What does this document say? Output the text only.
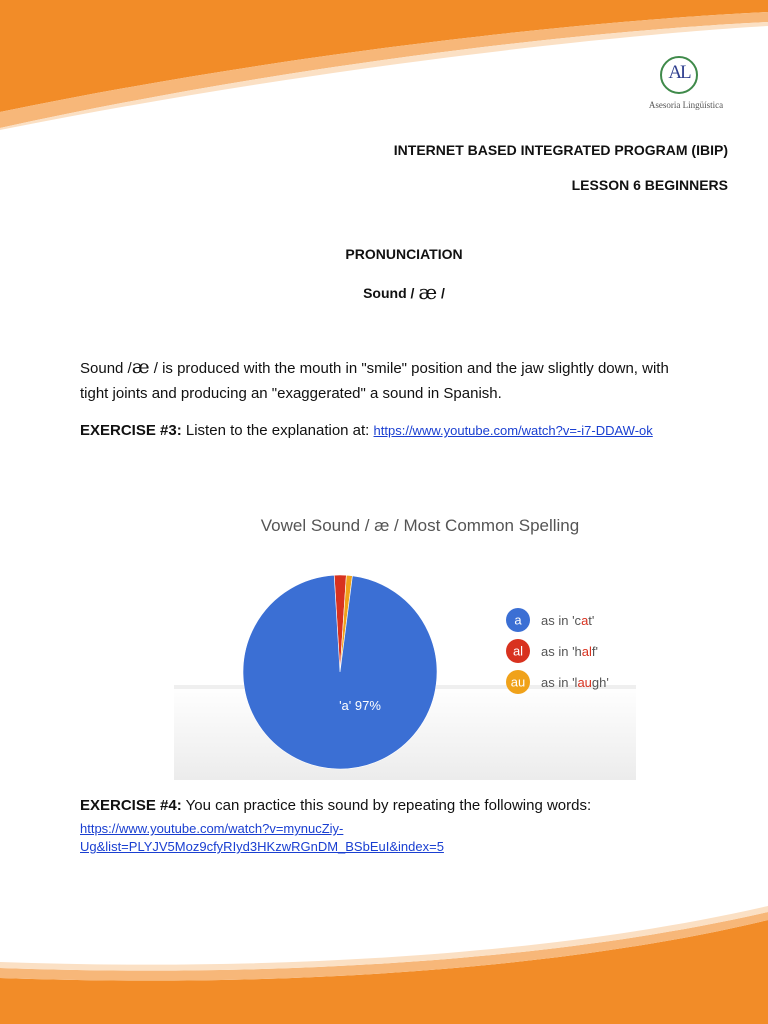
AL
Asesoria Lingüística
INTERNET BASED INTEGRATED PROGRAM (IBIP)
LESSON 6 BEGINNERS
PRONUNCIATION
Sound / æ /
Sound /æ / is produced with the mouth in "smile" position and the jaw slightly down, with tight joints and producing an "exaggerated" a sound in Spanish.
EXERCISE #3: Listen to the explanation at: https://www.youtube.com/watch?v=-i7-DDAW-ok
Vowel Sound / æ / Most Common Spelling
'a' 97%
a as in 'cat'
al as in 'half'
au as in 'laugh'
EXERCISE #4: You can practice this sound by repeating the following words:
https://www.youtube.com/watch?v=mynucZiy-
Ug&list=PLYJV5Moz9cfyRIyd3HKzwRGnDM_BSbEuI&index=5
